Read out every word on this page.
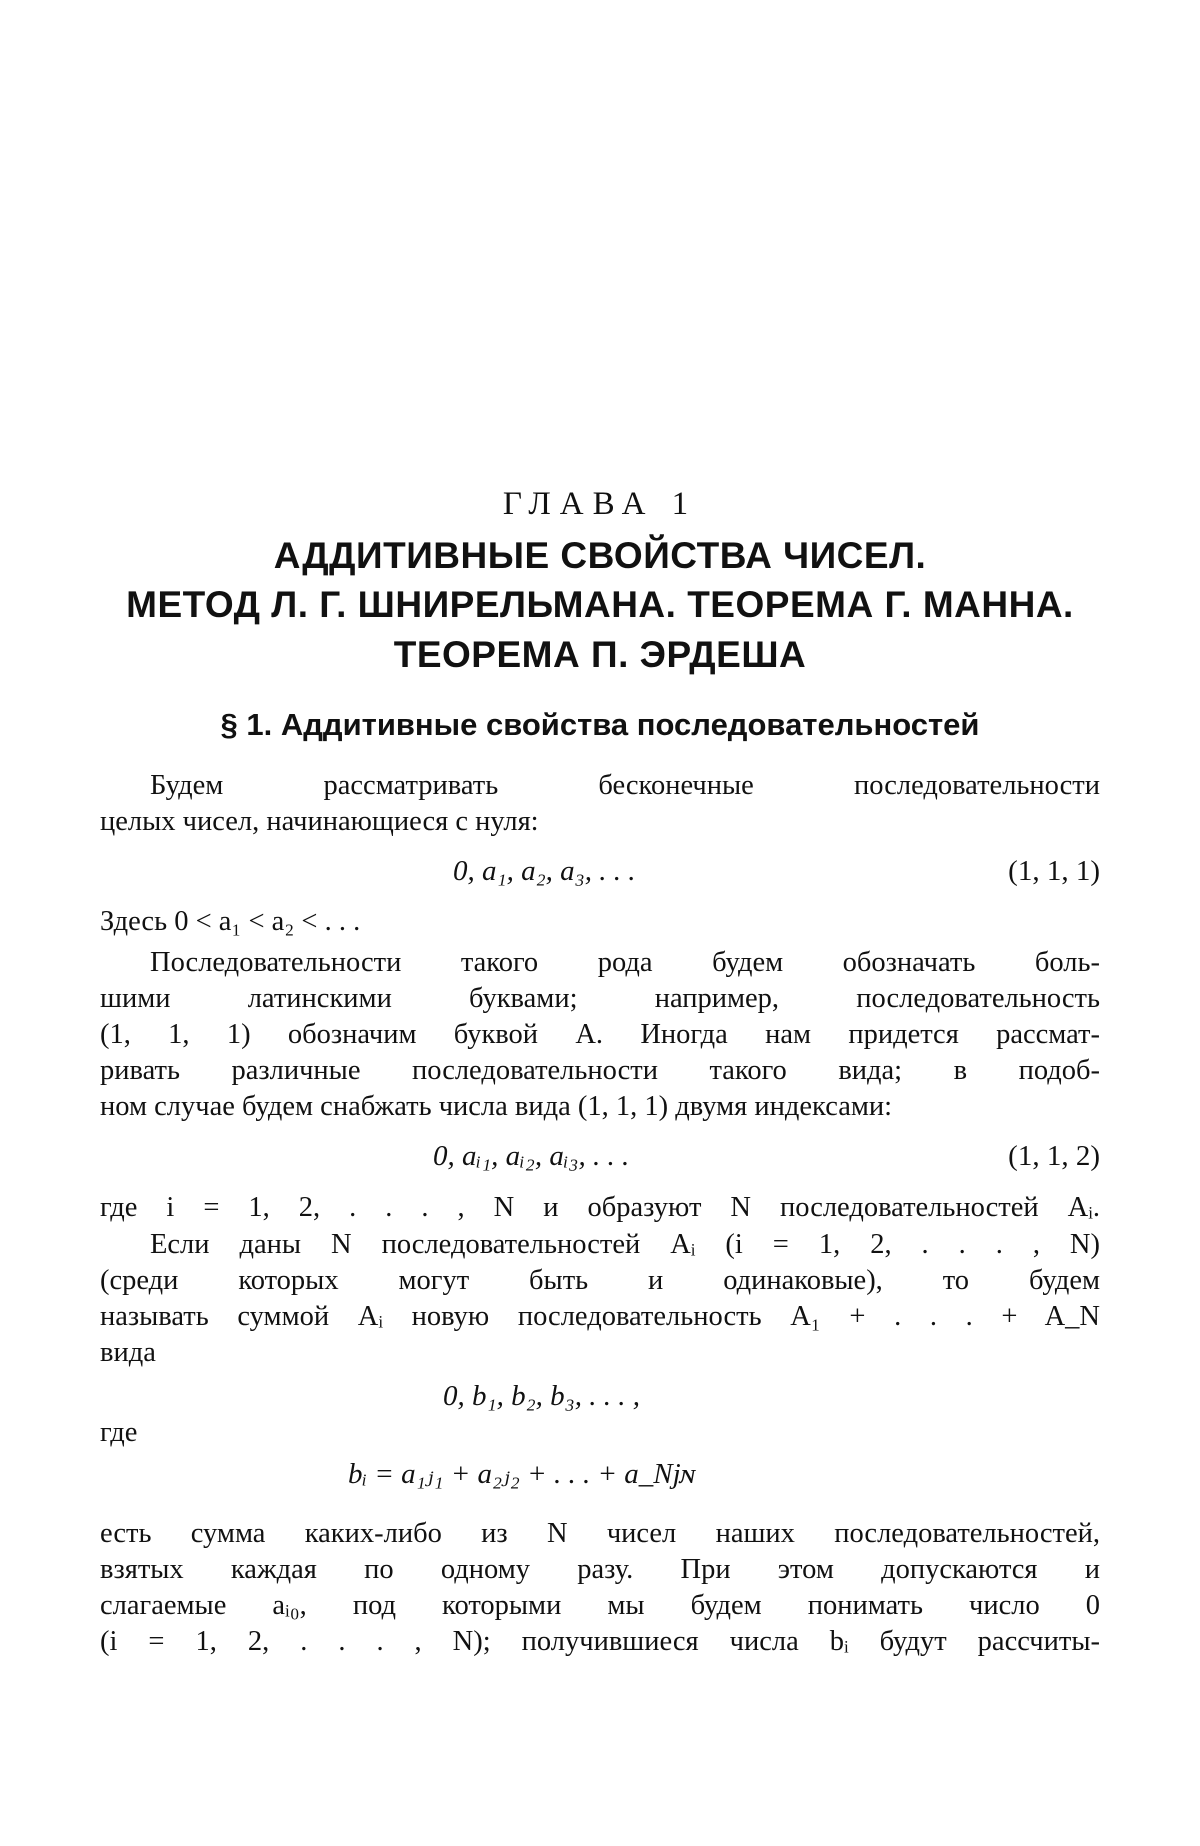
ГЛАВА 1
АДДИТИВНЫЕ СВОЙСТВА ЧИСЕЛ.
МЕТОД Л. Г. ШНИРЕЛЬМАНА. ТЕОРЕМА Г. МАННА.
ТЕОРЕМА П. ЭРДЕША
§ 1. Аддитивные свойства последовательностей
Будем рассматривать бесконечные последовательности
целых чисел, начинающиеся с нуля:
0, a₁, a₂, a₃, . . .	(1, 1, 1)
Здесь 0 < a₁ < a₂ < . . .
Последовательности такого рода будем обозначать боль-
шими латинскими буквами; например, последовательность
(1, 1, 1) обозначим буквой A. Иногда нам придется рассмат-
ривать различные последовательности такого вида; в подоб-
ном случае будем снабжать числа вида (1, 1, 1) двумя индексами:
0, aᵢ₁, aᵢ₂, aᵢ₃, . . .	(1, 1, 2)
где i = 1, 2, . . . , N и образуют N последовательностей Aᵢ.
Если даны N последовательностей Aᵢ (i = 1, 2, . . . , N)
(среди которых могут быть и одинаковые), то будем
называть суммой Aᵢ новую последовательность A₁ + . . . + A_N
вида
0, b₁, b₂, b₃, . . . ,
где
bᵢ = a₁ⱼ₁ + a₂ⱼ₂ + . . . + a_Njɴ
есть сумма каких-либо из N чисел наших последовательностей,
взятых каждая по одному разу. При этом допускаются и
слагаемые aᵢ₀, под которыми мы будем понимать число 0
(i = 1, 2, . . . , N); получившиеся числа bᵢ будут рассчиты-
